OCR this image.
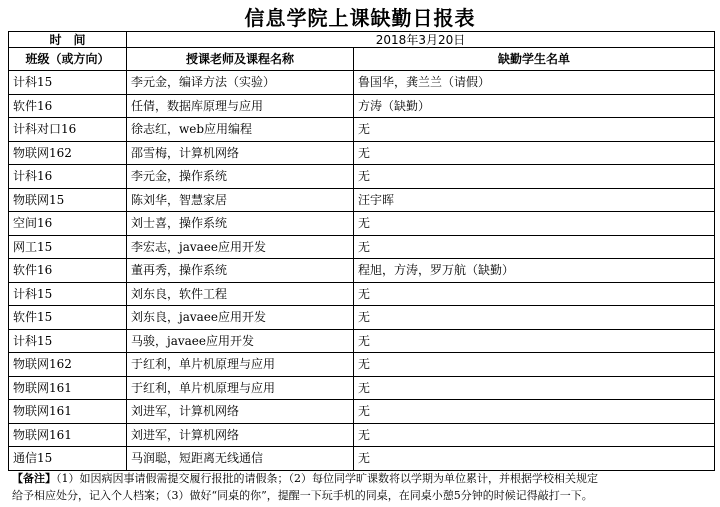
信息学院上课缺勤日报表
时　间	2018年3月20日	
班级（或方向）	授课老师及课程名称	缺勤学生名单
计科15	李元金，编译方法（实验）	鲁国华，龚兰兰（请假）
软件16	任倩，数据库原理与应用	方涛（缺勤）
计科对口16	徐志红，web应用编程	无
物联网162	邵雪梅，计算机网络	无
计科16	李元金，操作系统	无
物联网15	陈刘华，智慧家居	汪宇晖
空间16	刘士喜，操作系统	无
网工15	李宏志，javaee应用开发	无
软件16	董再秀，操作系统	程旭，方涛，罗万航（缺勤）
计科15	刘东良，软件工程	无
软件15	刘东良，javaee应用开发	无
计科15	马骏，javaee应用开发	无
物联网162	于红利，单片机原理与应用	无
物联网161	于红利，单片机原理与应用	无
物联网161	刘进军，计算机网络	无
物联网161	刘进军，计算机网络	无
通信15	马润聪，短距离无线通信	无
【备注】（1）如因病因事请假需提交履行报批的请假条；（2）每位同学旷课数将以学期为单位累计，并根据学校相关规定
给予相应处分，记入个人档案；（3）做好“同桌的你”，提醒一下玩手机的同桌，在同桌小憩5分钟的时候记得敲打一下。
